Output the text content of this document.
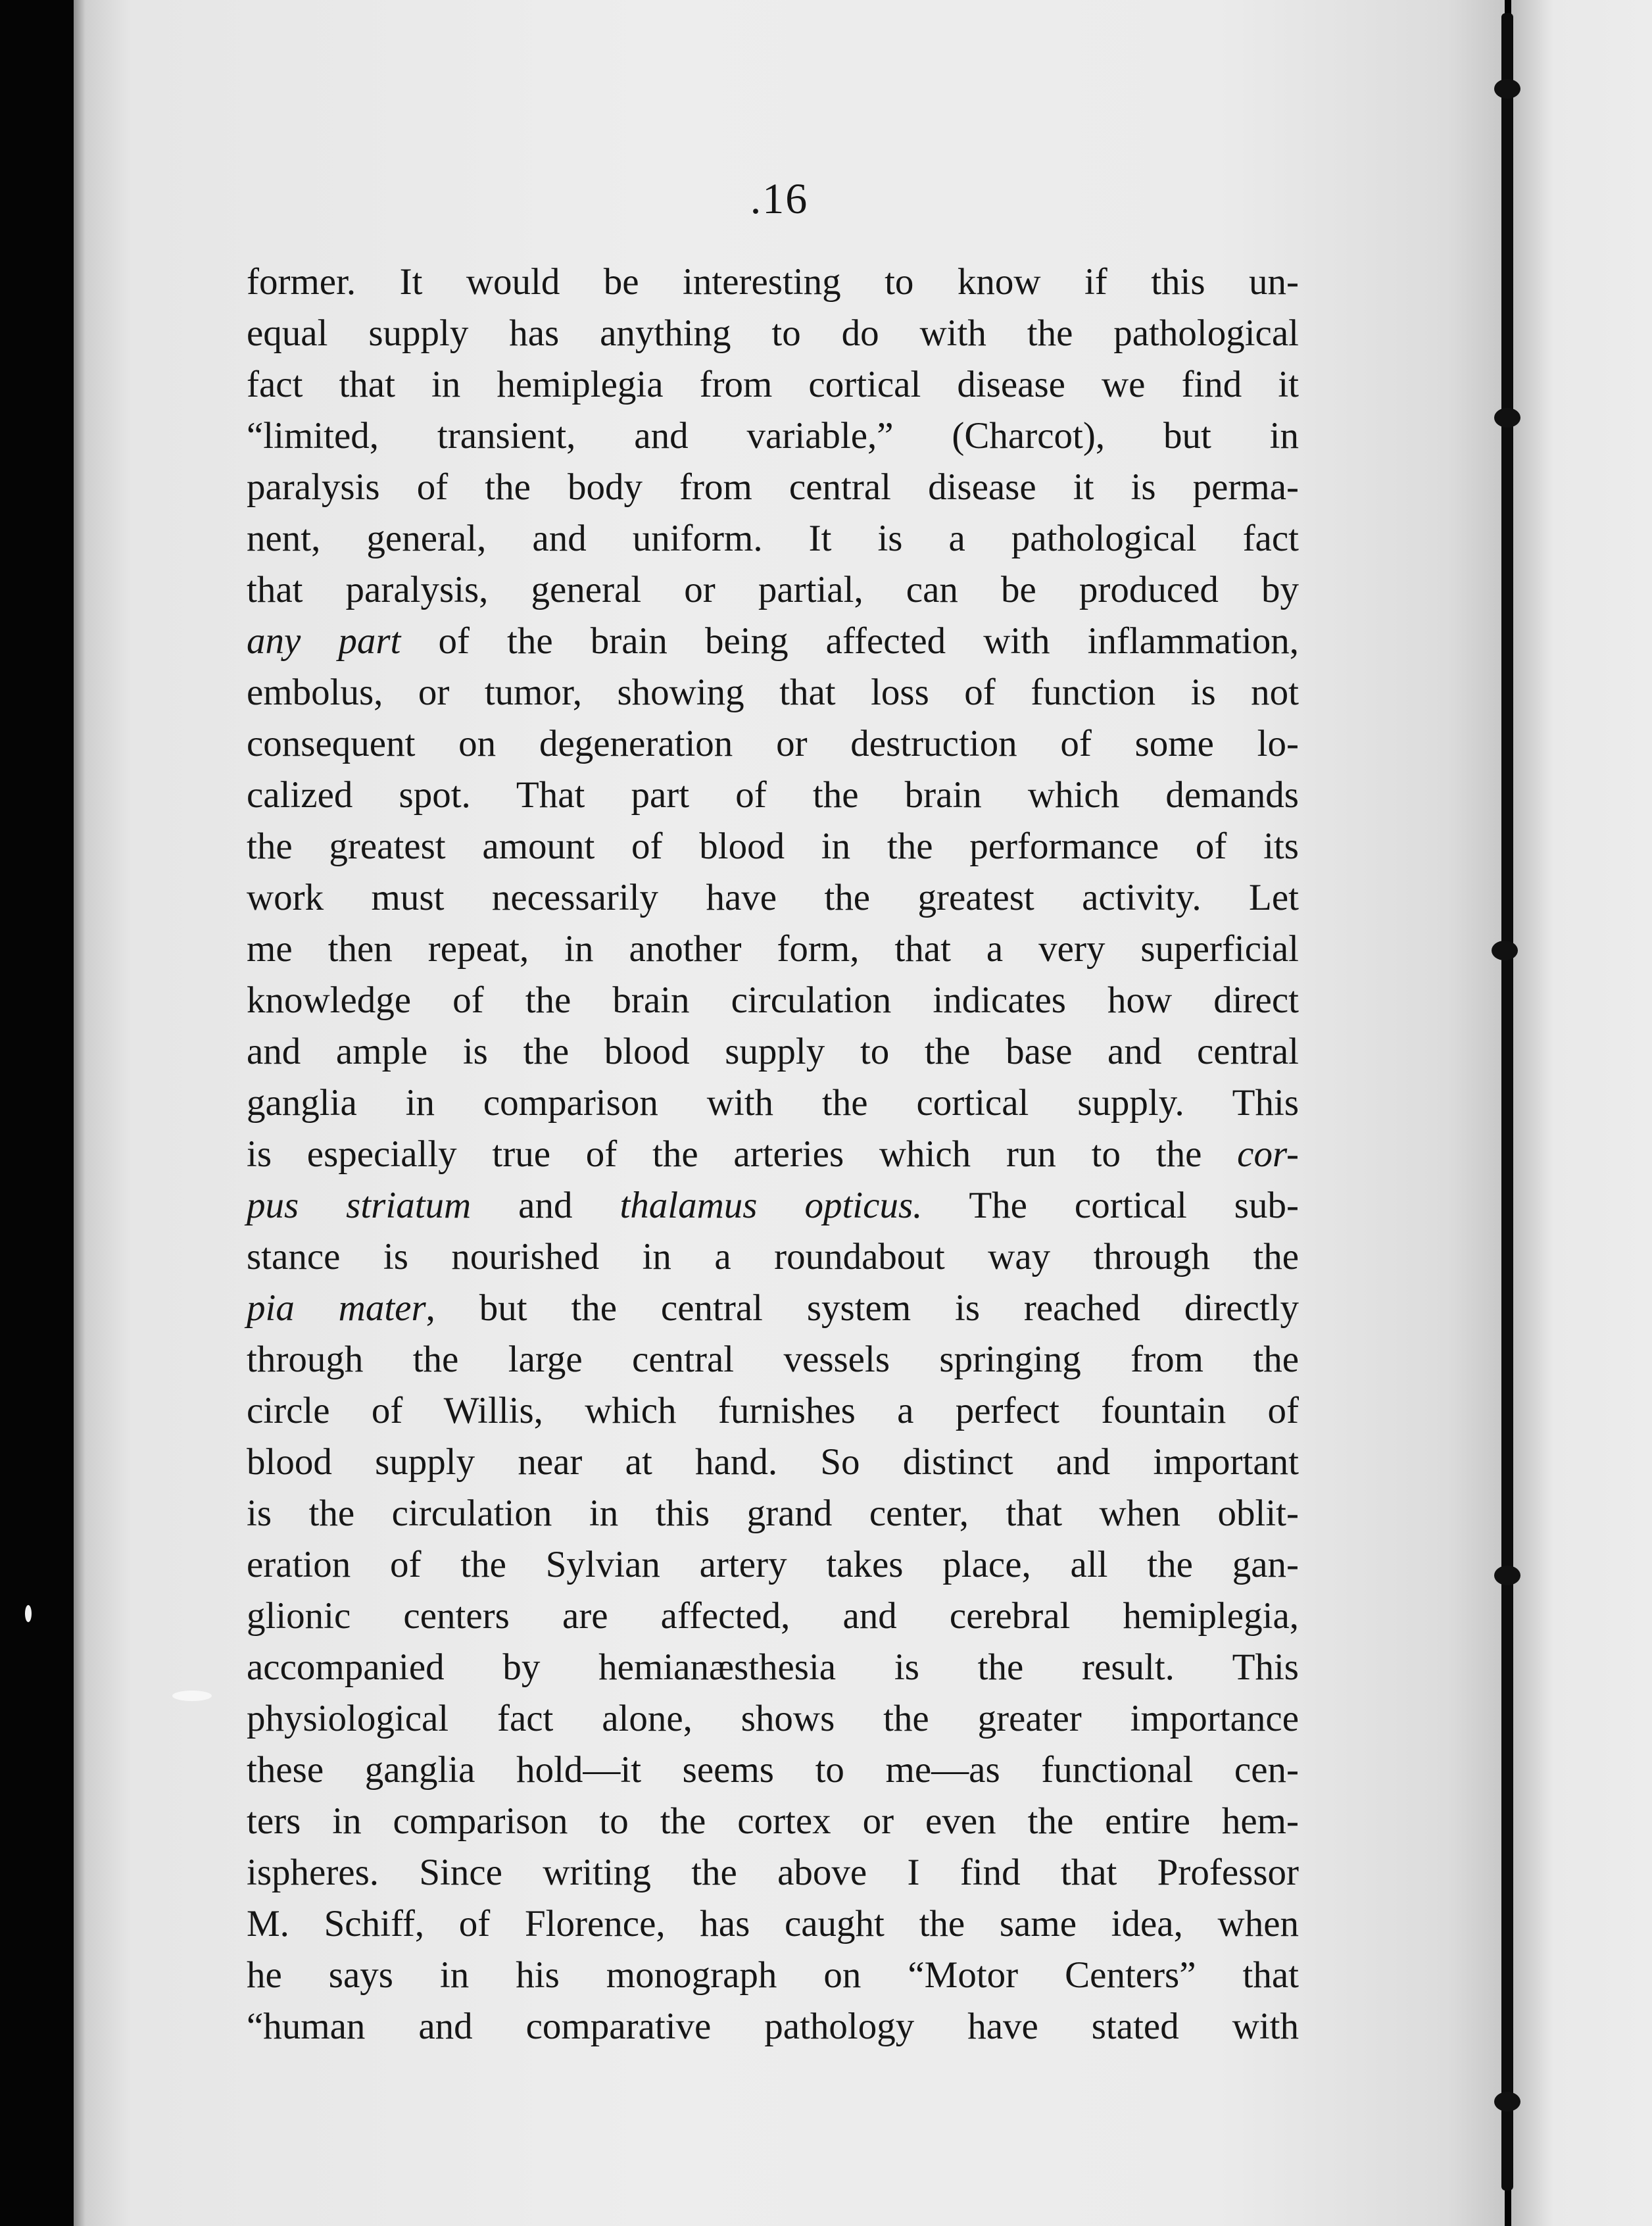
.16

former. It would be interesting to know if this un-
equal supply has anything to do with the pathological
fact that in hemiplegia from cortical disease we find it
“limited, transient, and variable,” (Charcot), but in
paralysis of the body from central disease it is perma-
nent, general, and uniform. It is a pathological fact
that paralysis, general or partial, can be produced by
any part of the brain being affected with inflammation,
embolus, or tumor, showing that loss of function is not
consequent on degeneration or destruction of some lo-
calized spot. That part of the brain which demands
the greatest amount of blood in the performance of its
work must necessarily have the greatest activity. Let
me then repeat, in another form, that a very superficial
knowledge of the brain circulation indicates how direct
and ample is the blood supply to the base and central
ganglia in comparison with the cortical supply. This
is especially true of the arteries which run to the cor-
pus striatum and thalamus opticus. The cortical sub-
stance is nourished in a roundabout way through the
pia mater, but the central system is reached directly
through the large central vessels springing from the
circle of Willis, which furnishes a perfect fountain of
blood supply near at hand. So distinct and important
is the circulation in this grand center, that when oblit-
eration of the Sylvian artery takes place, all the gan-
glionic centers are affected, and cerebral hemiplegia,
accompanied by hemianæsthesia is the result. This
physiological fact alone, shows the greater importance
these ganglia hold—it seems to me—as functional cen-
ters in comparison to the cortex or even the entire hem-
ispheres. Since writing the above I find that Professor
M. Schiff, of Florence, has caught the same idea, when
he says in his monograph on “Motor Centers” that
“human and comparative pathology have stated with
